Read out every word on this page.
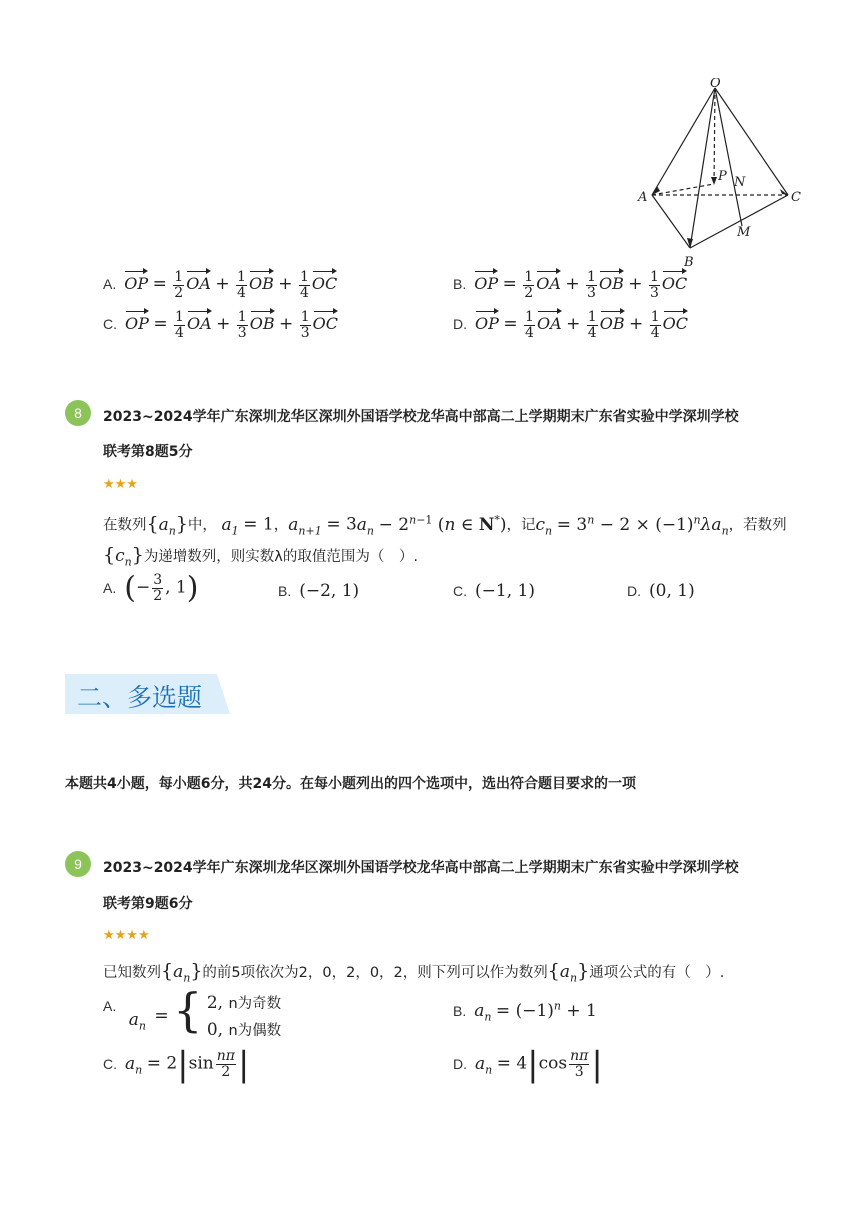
O
A	C
B
P N
M
A. OP = $\frac{1}{2}$ OA + $\frac{1}{4}$ OB + $\frac{1}{4}$ OC	B. OP = $\frac{1}{2}$ OA + $\frac{1}{3}$ OB + $\frac{1}{3}$ OC
C. OP = $\frac{1}{4}$ OA + $\frac{1}{3}$ OB + $\frac{1}{3}$ OC	D. OP = $\frac{1}{4}$ OA + $\frac{1}{4}$ OB + $\frac{1}{4}$ OC
8	2023~2024学年广东深圳龙华区深圳外国语学校龙华高中部高二上学期期末广东省实验中学深圳学校
联考第8题5分
★★★
在数列$\{a_n\}$中， $a_1 = 1$，$a_{n+1} = 3a_n - 2^{n-1}$ (n ∈ N*)，记$c_n = 3^n - 2 \times (-1)^n\lambda a_n$，若数列
$\{c_n\}$为递增数列，则实数λ的取值范围为（　）.
A. (− $\frac{3}{2}$ , 1)	B. (−2, 1)	C. (−1, 1)	D. (0, 1)
二、多选题
本题共4小题，每小题6分，共24分。在每小题列出的四个选项中，选出符合题目要求的一项
9	2023~2024学年广东深圳龙华区深圳外国语学校龙华高中部高二上学期期末广东省实验中学深圳学校
联考第9题6分
★★★★
已知数列$\{a_n\}$的前5项依次为2，0，2，0，2，则下列可以作为数列$\{a_n\}$通项公式的有（　）.
A. $a_n$ = { 2, n为奇数
0, n为偶数
B. $a_n = (-1)^n + 1$
C. $a_n = 2|\sin \frac{n\pi}{2}$ |	D. $a_n = 4|\cos \frac{n\pi}{3}$ |
